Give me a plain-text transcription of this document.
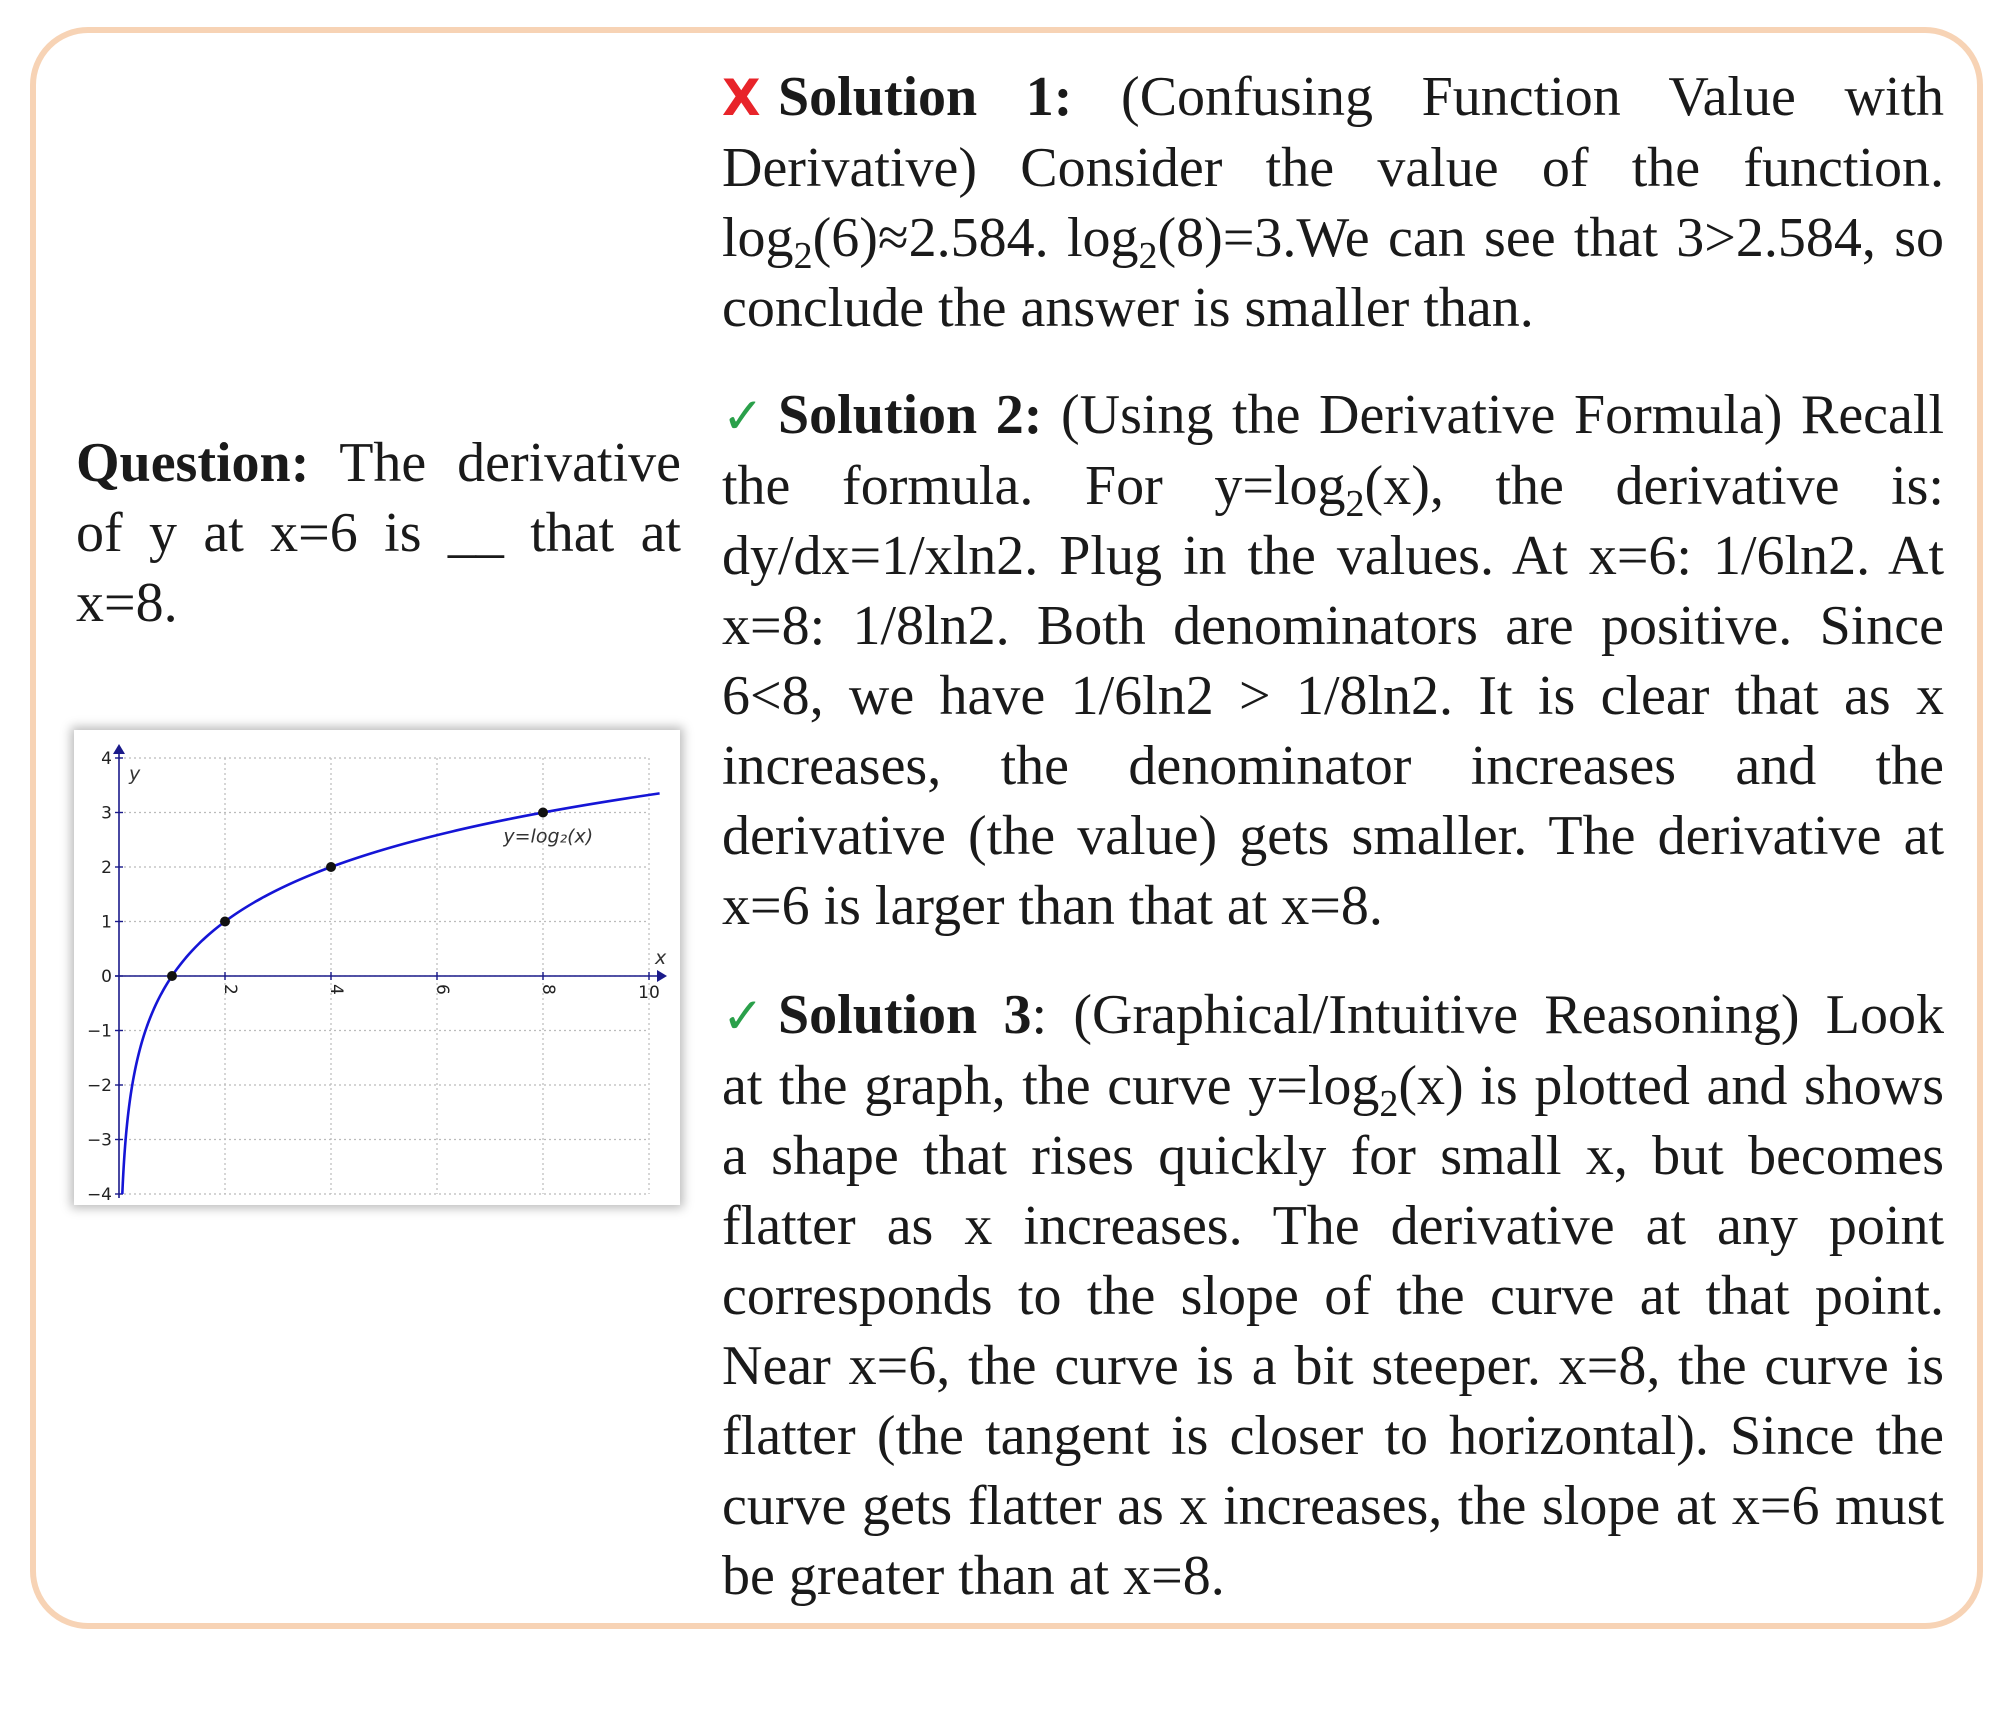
Question: The derivative of y at x=6 is __ that at x=8.
−4
−3
−2
−1
0
1
2
3
4
2	4	6	8	10
y
x
y=log₂(x)
X Solution 1: (Confusing Function Value with Derivative) Consider the value of the function. $\log_2(6)\approx 2.584$. $\log_2(8)=3.We$ can see that 3>2.584, so conclude the answer is smaller than.
✓ Solution 2: (Using the Derivative Formula) Recall the formula. For $y=\log_2(x)$, the derivative is: dy/dx=1/xln2. Plug in the values. At x=6: 1/6ln2. At x=8: 1/8ln2. Both denominators are positive. Since 6<8, we have 1/6ln2 > 1/8ln2. It is clear that as x increases, the denominator increases and the derivative (the value) gets smaller. The derivative at x=6 is larger than that at x=8.
✓ Solution 3: (Graphical/Intuitive Reasoning) Look at the graph, the curve $y=\log_2(x)$ is plotted and shows a shape that rises quickly for small x, but becomes flatter as x increases. The derivative at any point corresponds to the slope of the curve at that point. Near x=6, the curve is a bit steeper. x=8, the curve is flatter (the tangent is closer to horizontal). Since the curve gets flatter as x increases, the slope at x=6 must be greater than at x=8.
